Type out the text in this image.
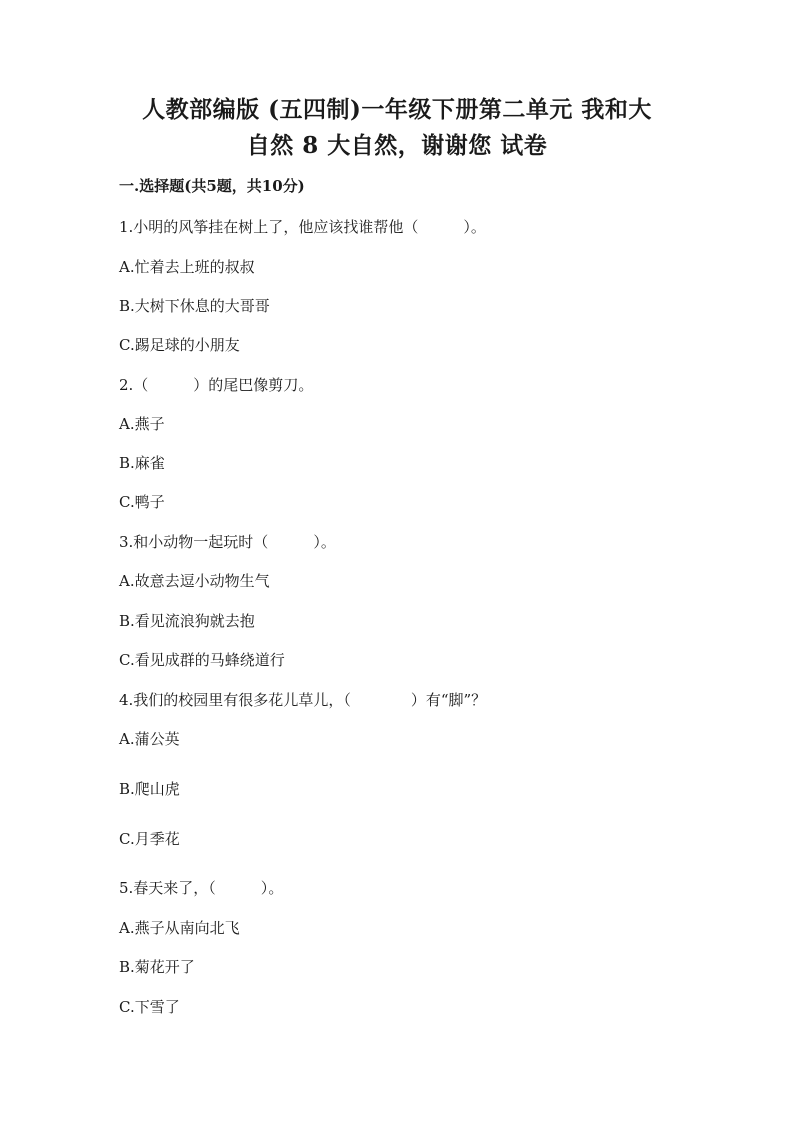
人教部编版 (五四制)一年级下册第二单元 我和大
自然 8 大自然，谢谢您 试卷
一.选择题(共5题，共10分)
1.小明的风筝挂在树上了，他应该找谁帮他（　　　）。
A.忙着去上班的叔叔
B.大树下休息的大哥哥
C.踢足球的小朋友
2.（　　　）的尾巴像剪刀。
A.燕子
B.麻雀
C.鸭子
3.和小动物一起玩时（　　　）。
A.故意去逗小动物生气
B.看见流浪狗就去抱
C.看见成群的马蜂绕道行
4.我们的校园里有很多花儿草儿，（　　　　）有“脚”？
A.蒲公英
B.爬山虎
C.月季花
5.春天来了，（　　　）。
A.燕子从南向北飞
B.菊花开了
C.下雪了
